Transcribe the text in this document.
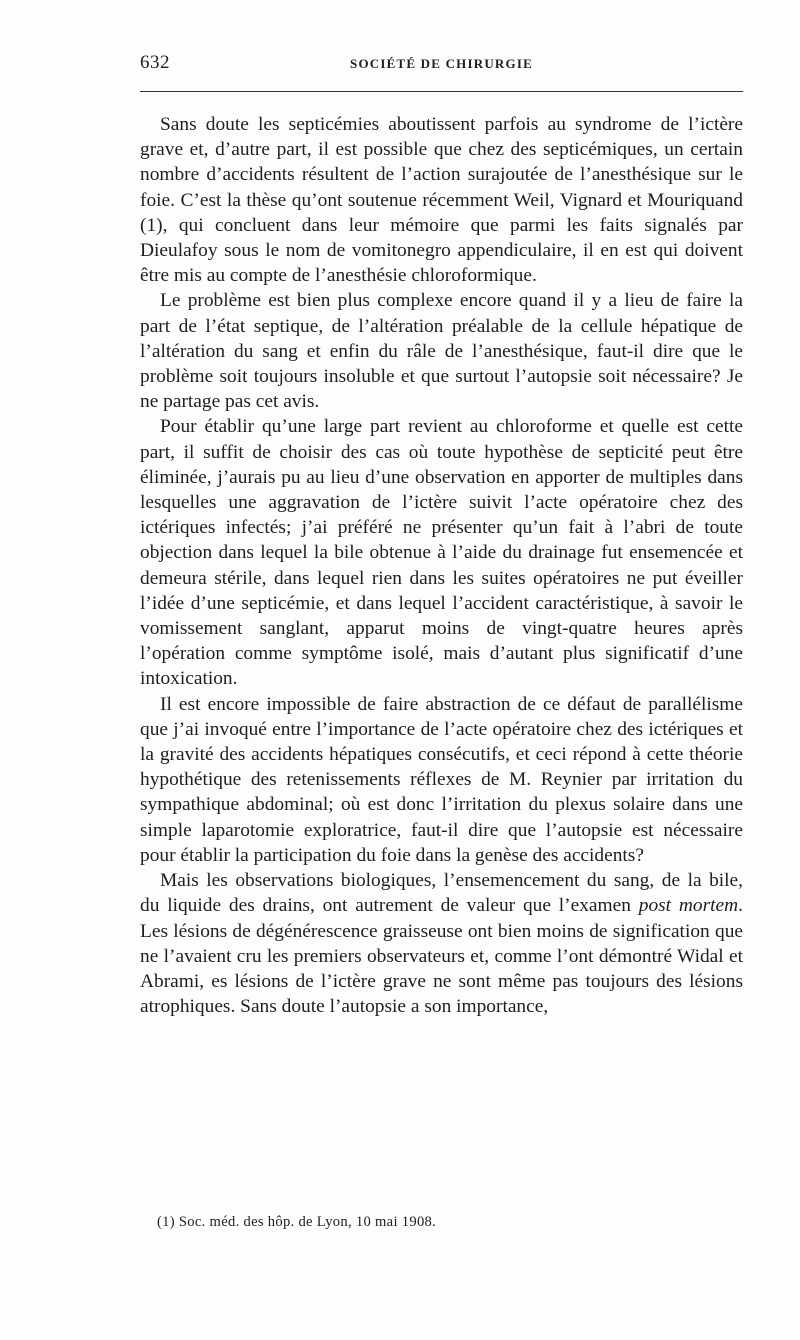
632	SOCIÉTÉ DE CHIRURGIE

Sans doute les septicémies aboutissent parfois au syndrome de l’ictère grave et, d’autre part, il est possible que chez des septicémiques, un certain nombre d’accidents résultent de l’action surajoutée de l’anesthésique sur le foie. C’est la thèse qu’ont soutenue récemment Weil, Vignard et Mouriquand (1), qui concluent dans leur mémoire que parmi les faits signalés par Dieulafoy sous le nom de vomitonegro appendiculaire, il en est qui doivent être mis au compte de l’anesthésie chloroformique.

Le problème est bien plus complexe encore quand il y a lieu de faire la part de l’état septique, de l’altération préalable de la cellule hépatique de l’altération du sang et enfin du râle de l’anesthésique, faut-il dire que le problème soit toujours insoluble et que surtout l’autopsie soit nécessaire? Je ne partage pas cet avis.

Pour établir qu’une large part revient au chloroforme et quelle est cette part, il suffit de choisir des cas où toute hypothèse de septicité peut être éliminée, j’aurais pu au lieu d’une observation en apporter de multiples dans lesquelles une aggravation de l’ictère suivit l’acte opératoire chez des ictériques infectés; j’ai préféré ne présenter qu’un fait à l’abri de toute objection dans lequel la bile obtenue à l’aide du drainage fut ensemencée et demeura stérile, dans lequel rien dans les suites opératoires ne put éveiller l’idée d’une septicémie, et dans lequel l’accident caractéristique, à savoir le vomissement sanglant, apparut moins de vingt-quatre heures après l’opération comme symptôme isolé, mais d’autant plus significatif d’une intoxication.

Il est encore impossible de faire abstraction de ce défaut de parallélisme que j’ai invoqué entre l’importance de l’acte opératoire chez des ictériques et la gravité des accidents hépatiques consécutifs, et ceci répond à cette théorie hypothétique des retenissements réflexes de M. Reynier par irritation du sympathique abdominal; où est donc l’irritation du plexus solaire dans une simple laparotomie exploratrice, faut-il dire que l’autopsie est nécessaire pour établir la participation du foie dans la genèse des accidents?

Mais les observations biologiques, l’ensemencement du sang, de la bile, du liquide des drains, ont autrement de valeur que l’examen post mortem. Les lésions de dégénérescence graisseuse ont bien moins de signification que ne l’avaient cru les premiers observateurs et, comme l’ont démontré Widal et Abrami, es lésions de l’ictère grave ne sont même pas toujours des lésions atrophiques. Sans doute l’autopsie a son importance,

(1) Soc. méd. des hôp. de Lyon, 10 mai 1908.
